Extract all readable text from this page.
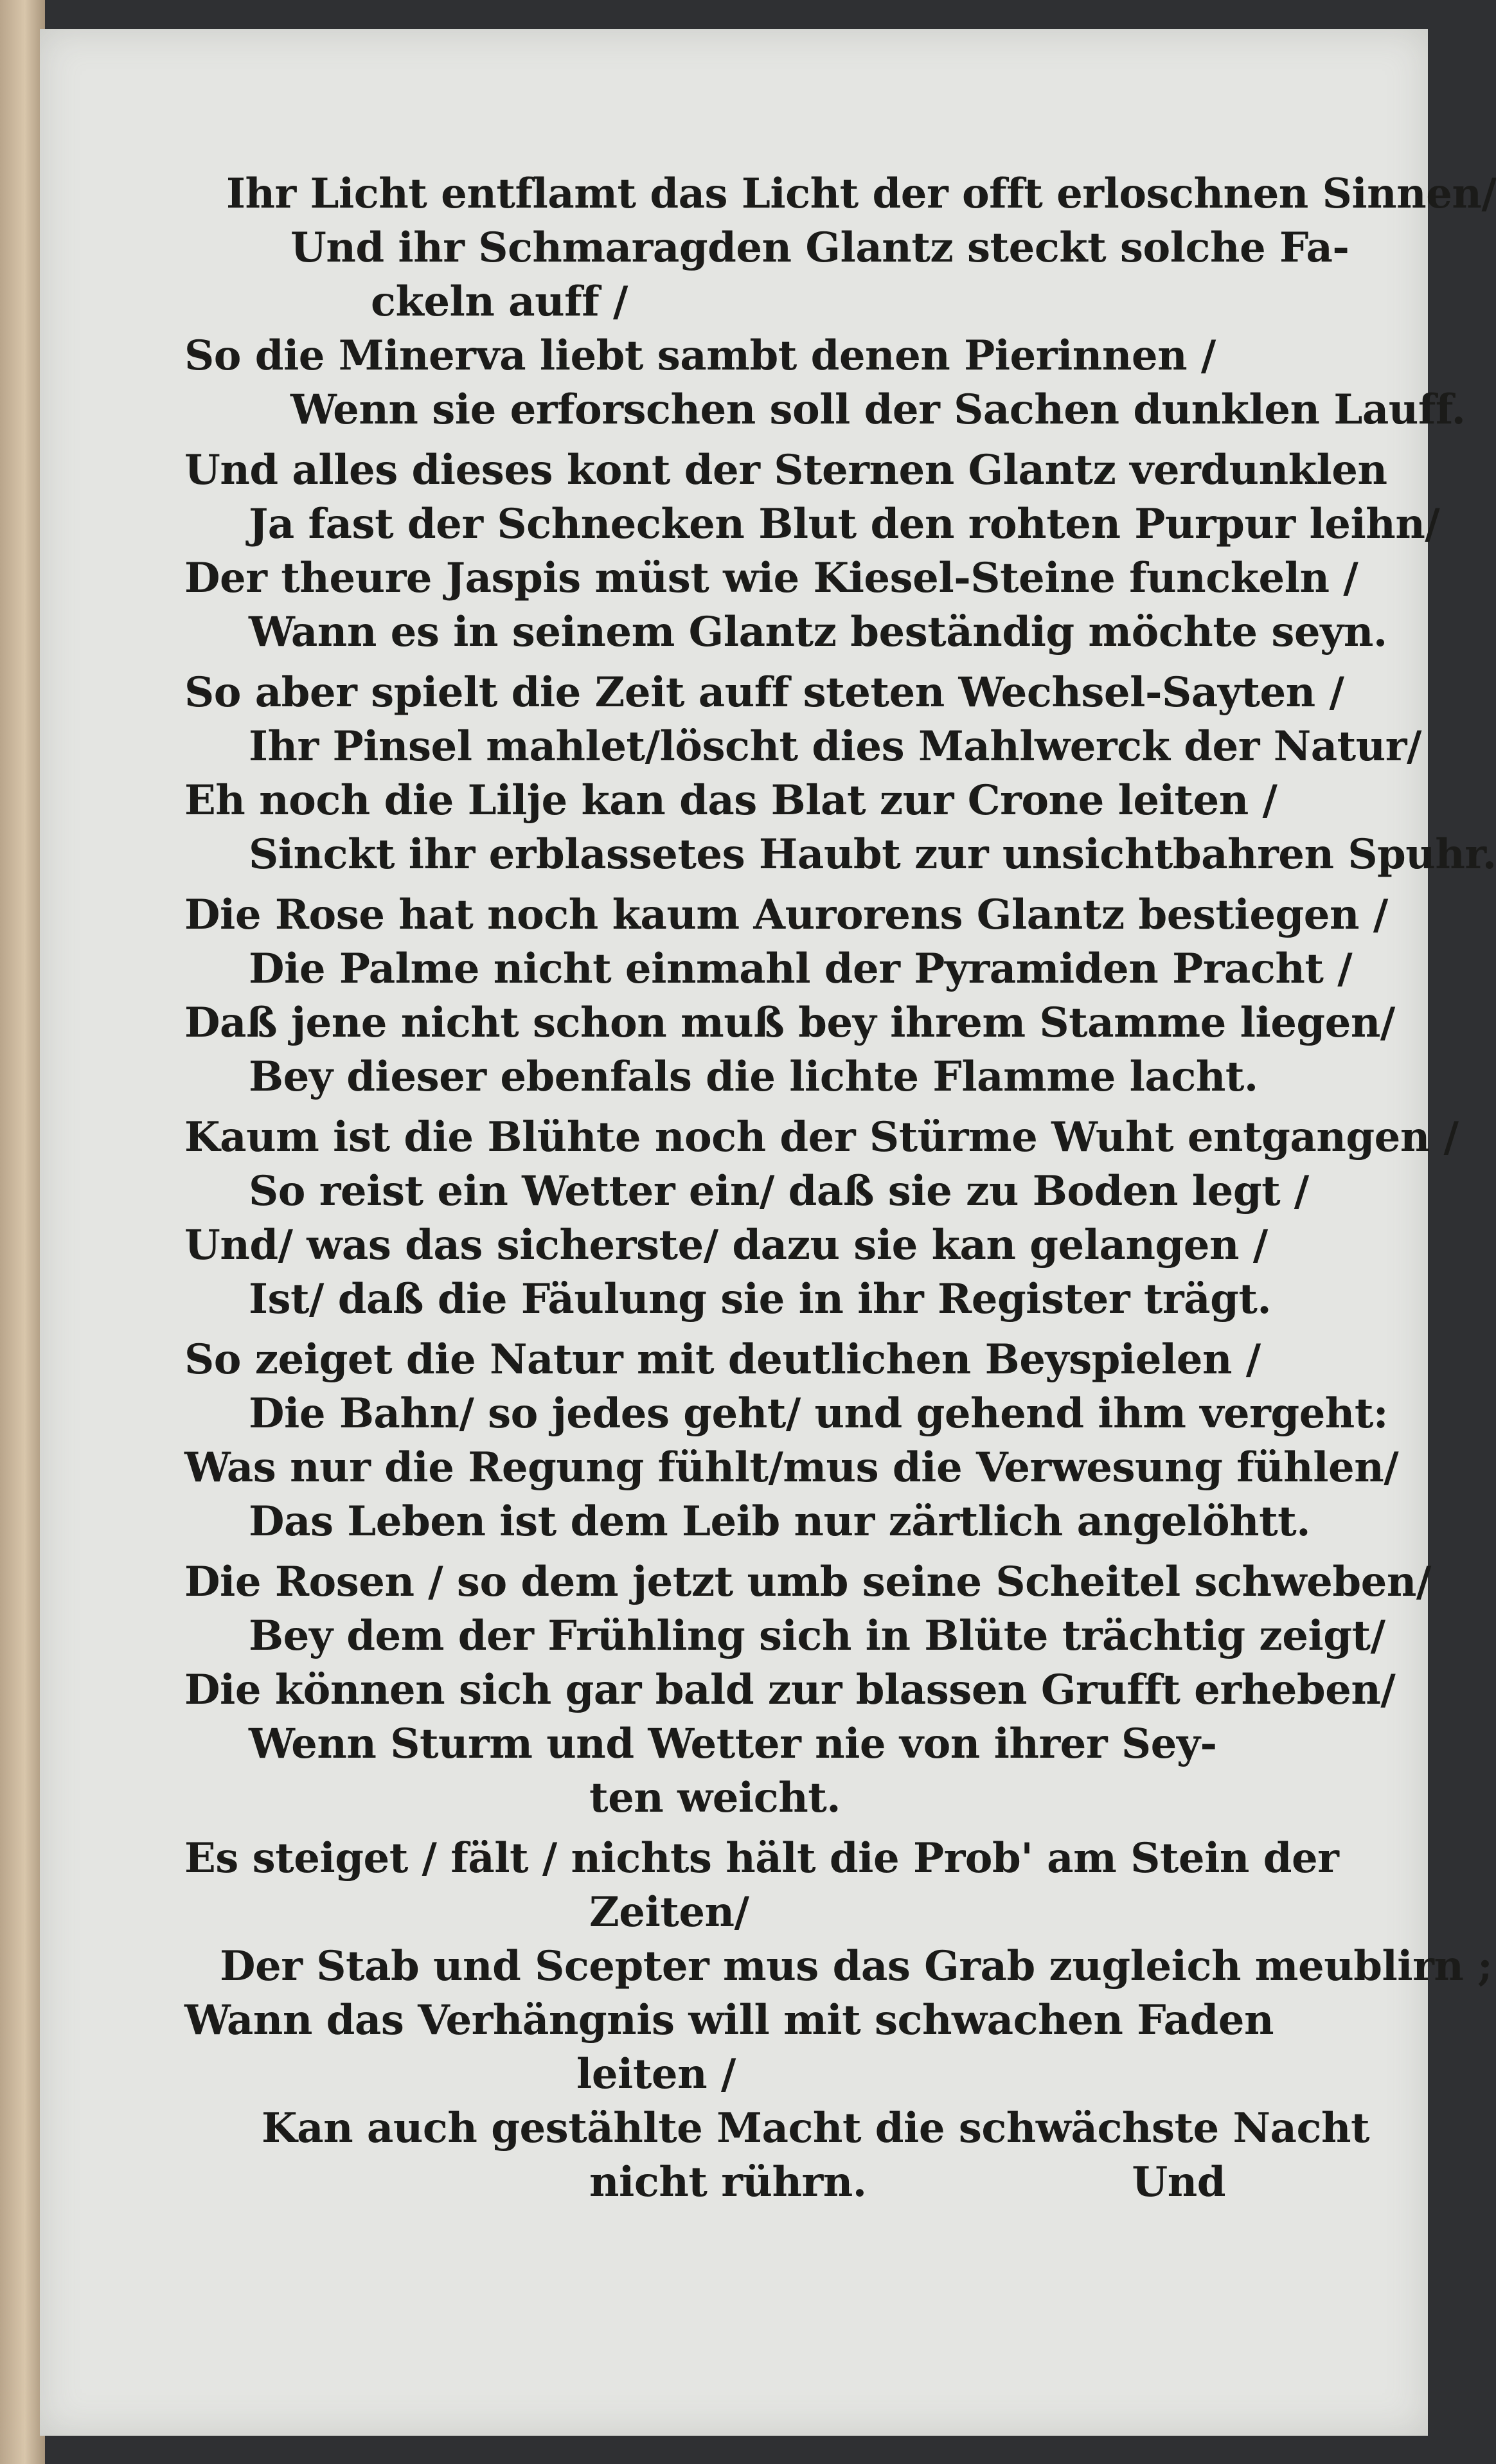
Ihr Licht entflamt das Licht der offt erloschnen Sinnen/
Und ihr Schmaragden Glantz steckt solche Fa-
ckeln auff /
So die Minerva liebt sambt denen Pierinnen /
Wenn sie erforschen soll der Sachen dunklen Lauff.
Und alles dieses kont der Sternen Glantz verdunklen
Ja fast der Schnecken Blut den rohten Purpur leihn/
Der theure Jaspis müst wie Kiesel-Steine funckeln /
Wann es in seinem Glantz beständig möchte seyn.
So aber spielt die Zeit auff steten Wechsel-Sayten /
Ihr Pinsel mahlet/löscht dies Mahlwerck der Natur/
Eh noch die Lilje kan das Blat zur Crone leiten /
Sinckt ihr erblassetes Haubt zur unsichtbahren Spuhr.
Die Rose hat noch kaum Aurorens Glantz bestiegen /
Die Palme nicht einmahl der Pyramiden Pracht /
Daß jene nicht schon muß bey ihrem Stamme liegen/
Bey dieser ebenfals die lichte Flamme lacht.
Kaum ist die Blühte noch der Stürme Wuht entgangen /
So reist ein Wetter ein/ daß sie zu Boden legt /
Und/ was das sicherste/ dazu sie kan gelangen /
Ist/ daß die Fäulung sie in ihr Register trägt.
So zeiget die Natur mit deutlichen Beyspielen /
Die Bahn/ so jedes geht/ und gehend ihm vergeht:
Was nur die Regung fühlt/mus die Verwesung fühlen/
Das Leben ist dem Leib nur zärtlich angelöhtt.
Die Rosen / so dem jetzt umb seine Scheitel schweben/
Bey dem der Frühling sich in Blüte trächtig zeigt/
Die können sich gar bald zur blassen Grufft erheben/
Wenn Sturm und Wetter nie von ihrer Sey-
ten weicht.
Es steiget / fält / nichts hält die Prob' am Stein der
Zeiten/
Der Stab und Scepter mus das Grab zugleich meublirn ;
Wann das Verhängnis will mit schwachen Faden
leiten /
Kan auch gestählte Macht die schwächste Nacht
nicht rührn.	Und
